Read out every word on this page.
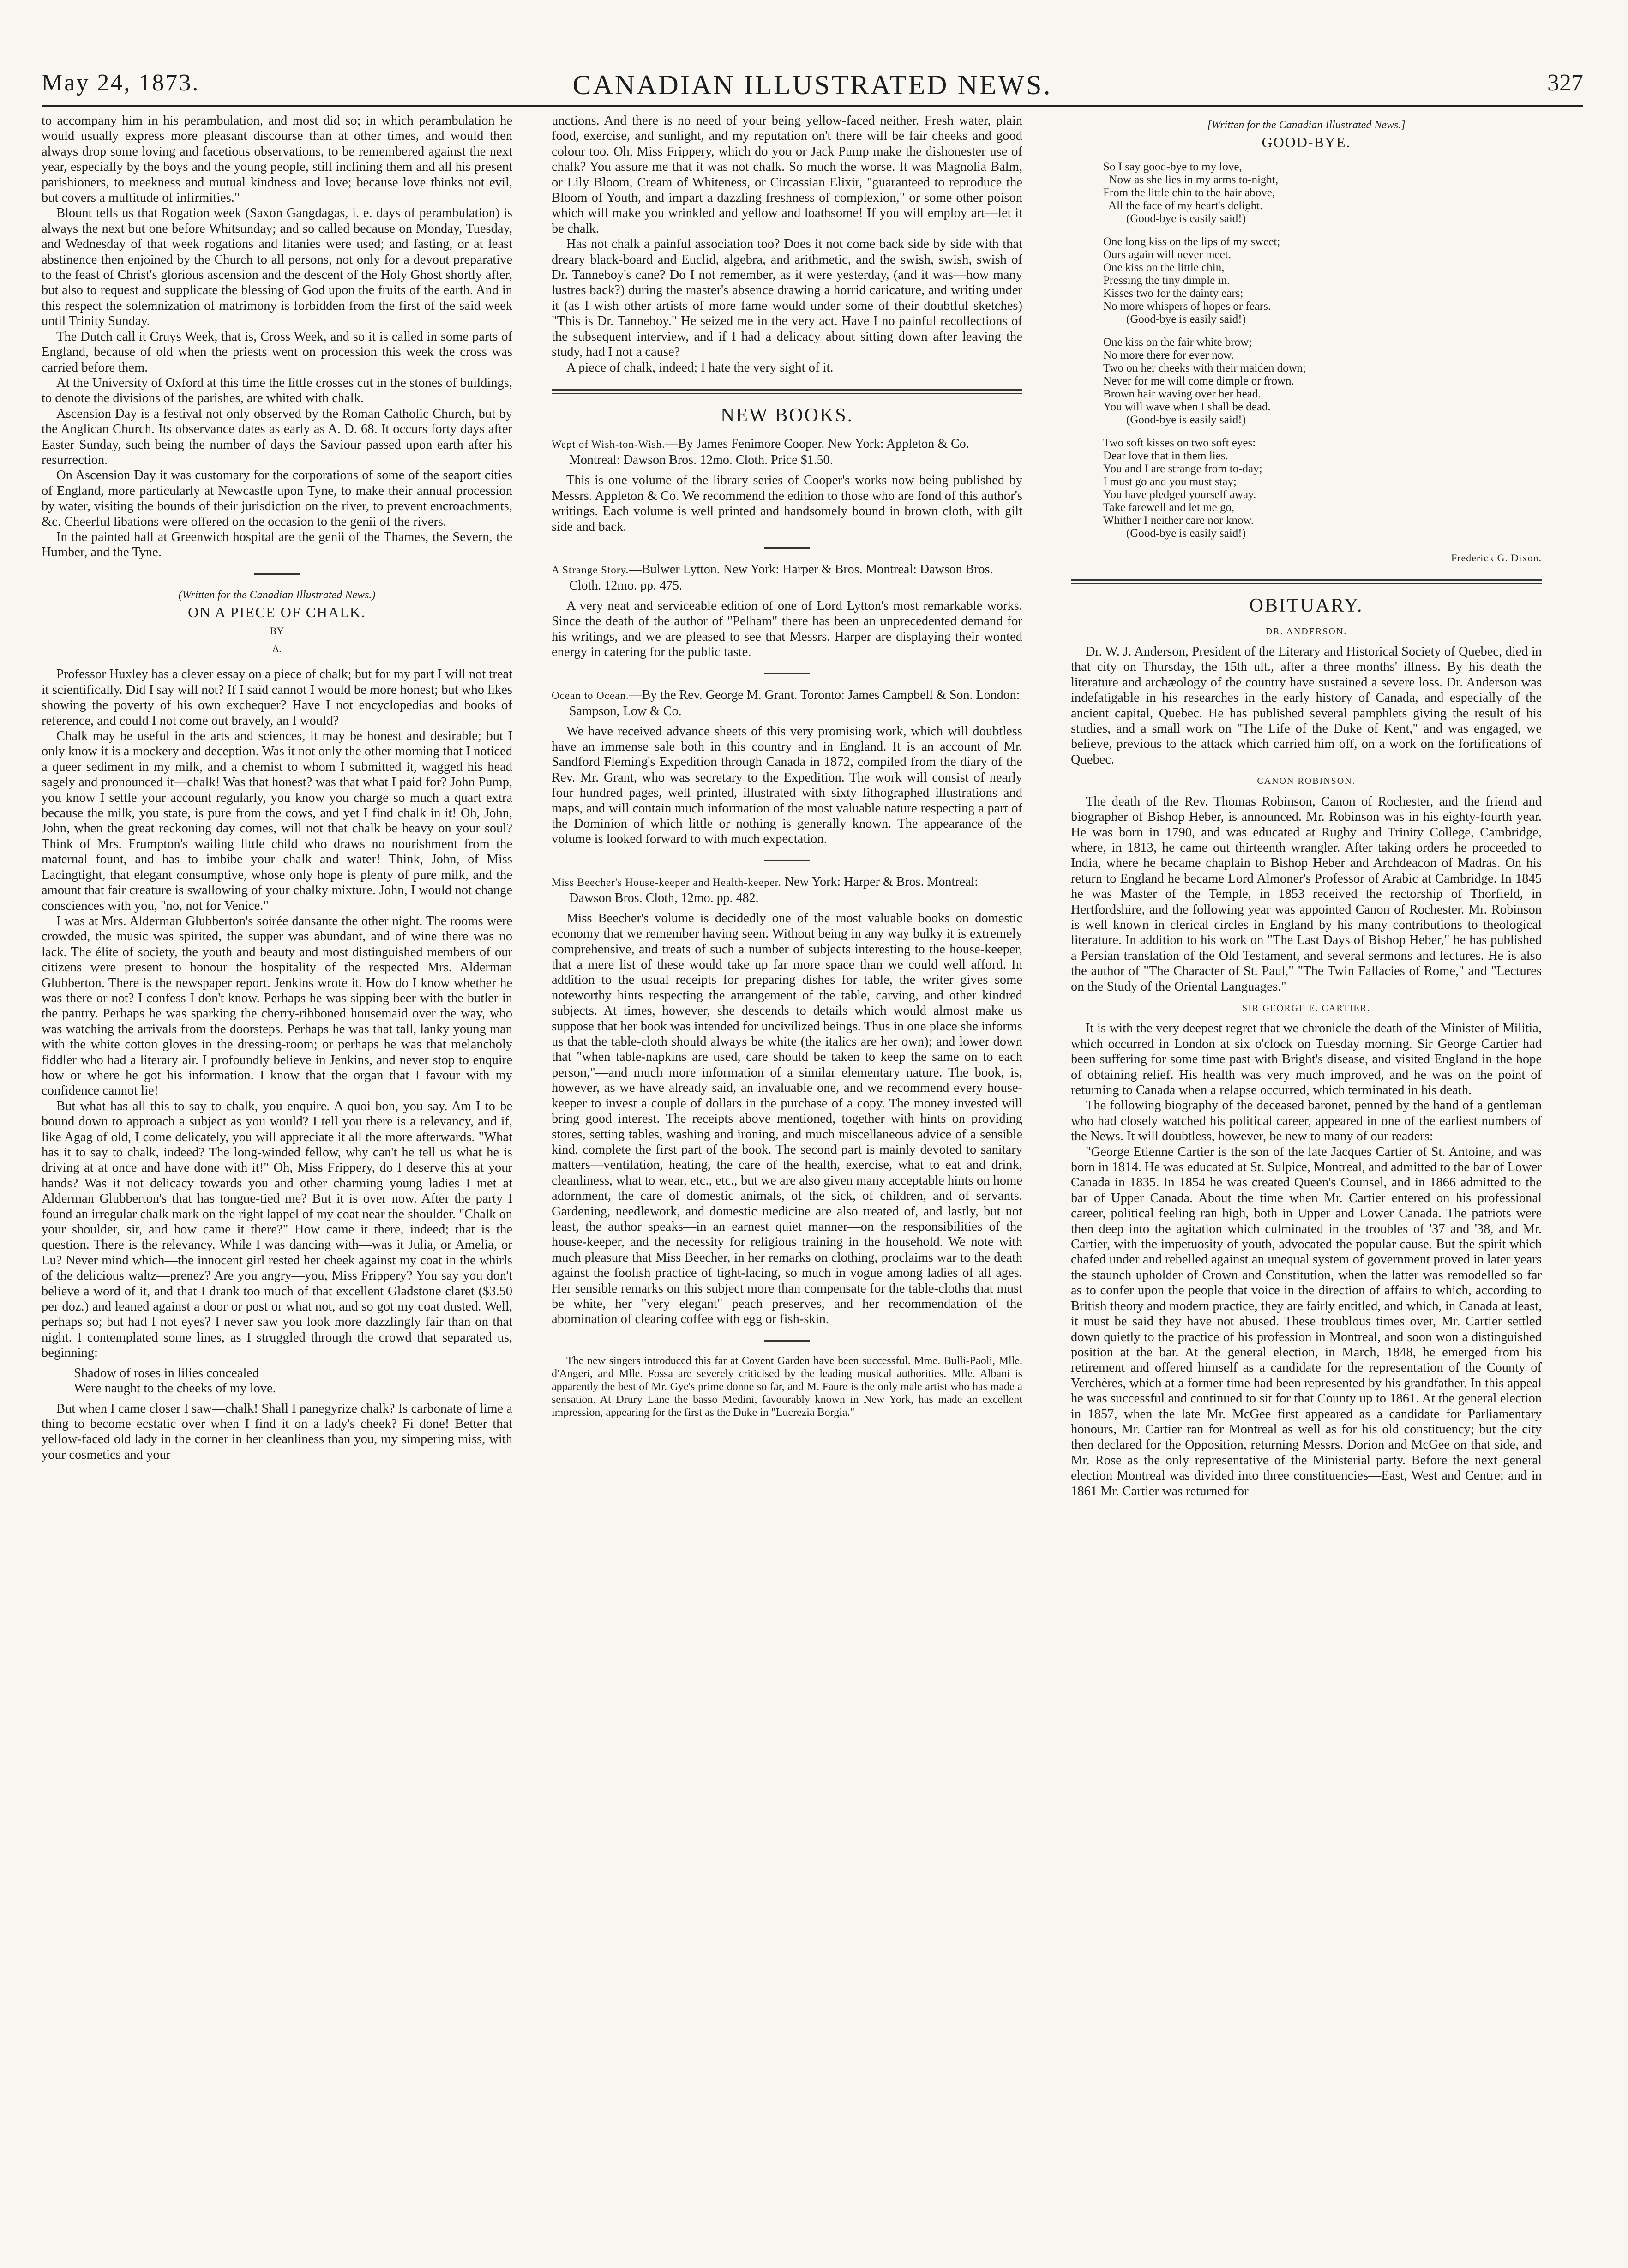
CANADIAN ILLUSTRATED NEWS.
May 24, 1873.	327

to accompany him in his perambulation, and most did so; in which perambulation he would usually express more pleasant discourse than at other times, and would then always drop some loving and facetious observations, to be remembered against the next year, especially by the boys and the young people, still inclining them and all his present parishioners, to meekness and mutual kindness and love; because love thinks not evil, but covers a multitude of infirmities."

Blount tells us that Rogation week (Saxon Gangdagas, i. e. days of perambulation) is always the next but one before Whitsunday; and so called because on Monday, Tuesday, and Wednesday of that week rogations and litanies were used; and fasting, or at least abstinence then enjoined by the Church to all persons, not only for a devout preparative to the feast of Christ's glorious ascension and the descent of the Holy Ghost shortly after, but also to request and supplicate the blessing of God upon the fruits of the earth. And in this respect the solemnization of matrimony is forbidden from the first of the said week until Trinity Sunday.

The Dutch call it Cruys Week, that is, Cross Week, and so it is called in some parts of England, because of old when the priests went on procession this week the cross was carried before them.

At the University of Oxford at this time the little crosses cut in the stones of buildings, to denote the divisions of the parishes, are whited with chalk.

Ascension Day is a festival not only observed by the Roman Catholic Church, but by the Anglican Church. Its observance dates as early as A. D. 68. It occurs forty days after Easter Sunday, such being the number of days the Saviour passed upon earth after his resurrection.

On Ascension Day it was customary for the corporations of some of the seaport cities of England, more particularly at Newcastle upon Tyne, to make their annual procession by water, visiting the bounds of their jurisdiction on the river, to prevent encroachments, &c. Cheerful libations were offered on the occasion to the genii of the rivers.

In the painted hall at Greenwich hospital are the genii of the Thames, the Severn, the Humber, and the Tyne.

(Written for the Canadian Illustrated News.)
ON A PIECE OF CHALK.
BY
Δ.

Professor Huxley has a clever essay on a piece of chalk; but for my part I will not treat it scientifically. Did I say will not? If I said cannot I would be more honest; but who likes showing the poverty of his own exchequer? Have I not encyclopedias and books of reference, and could I not come out bravely, an I would?

Chalk may be useful in the arts and sciences, it may be honest and desirable; but I only know it is a mockery and deception. Was it not only the other morning that I noticed a queer sediment in my milk, and a chemist to whom I submitted it, wagged his head sagely and pronounced it—chalk! Was that honest? was that what I paid for? John Pump, you know I settle your account regularly, you know you charge so much a quart extra because the milk, you state, is pure from the cows, and yet I find chalk in it! Oh, John, John, when the great reckoning day comes, will not that chalk be heavy on your soul? Think of Mrs. Frumpton's wailing little child who draws no nourishment from the maternal fount, and has to imbibe your chalk and water! Think, John, of Miss Lacingtight, that elegant consumptive, whose only hope is plenty of pure milk, and the amount that fair creature is swallowing of your chalky mixture. John, I would not change consciences with you, "no, not for Venice."

I was at Mrs. Alderman Glubberton's soirée dansante the other night. The rooms were crowded, the music was spirited, the supper was abundant, and of wine there was no lack. The élite of society, the youth and beauty and most distinguished members of our citizens were present to honour the hospitality of the respected Mrs. Alderman Glubberton. There is the newspaper report. Jenkins wrote it. How do I know whether he was there or not? I confess I don't know. Perhaps he was sipping beer with the butler in the pantry. Perhaps he was sparking the cherry-ribboned housemaid over the way, who was watching the arrivals from the doorsteps. Perhaps he was that tall, lanky young man with the white cotton gloves in the dressing-room; or perhaps he was that melancholy fiddler who had a literary air. I profoundly believe in Jenkins, and never stop to enquire how or where he got his information. I know that the organ that I favour with my confidence cannot lie!

But what has all this to say to chalk, you enquire. A quoi bon, you say. Am I to be bound down to approach a subject as you would? I tell you there is a relevancy, and if, like Agag of old, I come delicately, you will appreciate it all the more afterwards. "What has it to say to chalk, indeed? The long-winded fellow, why can't he tell us what he is driving at at once and have done with it!" Oh, Miss Frippery, do I deserve this at your hands? Was it not delicacy towards you and other charming young ladies I met at Alderman Glubberton's that has tongue-tied me? But it is over now. After the party I found an irregular chalk mark on the right lappel of my coat near the shoulder. "Chalk on your shoulder, sir, and how came it there?" How came it there, indeed; that is the question. There is the relevancy. While I was dancing with—was it Julia, or Amelia, or Lu? Never mind which—the innocent girl rested her cheek against my coat in the whirls of the delicious waltz—prenez? Are you angry—you, Miss Frippery? You say you don't believe a word of it, and that I drank too much of that excellent Gladstone claret ($3.50 per doz.) and leaned against a door or post or what not, and so got my coat dusted. Well, perhaps so; but had I not eyes? I never saw you look more dazzlingly fair than on that night. I contemplated some lines, as I struggled through the crowd that separated us, beginning:

Shadow of roses in lilies concealed
Were naught to the cheeks of my love.

But when I came closer I saw—chalk! Shall I panegyrize chalk? Is carbonate of lime a thing to become ecstatic over when I find it on a lady's cheek? Fi done! Better that yellow-faced old lady in the corner in her cleanliness than you, my simpering miss, with your cosmetics and your

unctions. And there is no need of your being yellow-faced neither. Fresh water, plain food, exercise, and sunlight, and my reputation on't there will be fair cheeks and good colour too. Oh, Miss Frippery, which do you or Jack Pump make the dishonester use of chalk? You assure me that it was not chalk. So much the worse. It was Magnolia Balm, or Lily Bloom, Cream of Whiteness, or Circassian Elixir, "guaranteed to reproduce the Bloom of Youth, and impart a dazzling freshness of complexion," or some other poison which will make you wrinkled and yellow and loathsome! If you will employ art—let it be chalk.

Has not chalk a painful association too? Does it not come back side by side with that dreary black-board and Euclid, algebra, and arithmetic, and the swish, swish, swish of Dr. Tanneboy's cane? Do I not remember, as it were yesterday, (and it was—how many lustres back?) during the master's absence drawing a horrid caricature, and writing under it (as I wish other artists of more fame would under some of their doubtful sketches) "This is Dr. Tanneboy." He seized me in the very act. Have I no painful recollections of the subsequent interview, and if I had a delicacy about sitting down after leaving the study, had I not a cause?

A piece of chalk, indeed; I hate the very sight of it.

NEW BOOKS.
Wept of Wish-ton-Wish.—By James Fenimore Cooper. New York: Appleton & Co. Montreal: Dawson Bros. 12mo. Cloth. Price $1.50.

This is one volume of the library series of Cooper's works now being published by Messrs. Appleton & Co. We recommend the edition to those who are fond of this author's writings. Each volume is well printed and handsomely bound in brown cloth, with gilt side and back.

A Strange Story.—Bulwer Lytton. New York: Harper & Bros. Montreal: Dawson Bros. Cloth. 12mo. pp. 475.

A very neat and serviceable edition of one of Lord Lytton's most remarkable works. Since the death of the author of "Pelham" there has been an unprecedented demand for his writings, and we are pleased to see that Messrs. Harper are displaying their wonted energy in catering for the public taste.

Ocean to Ocean.—By the Rev. George M. Grant. Toronto: James Campbell & Son. London: Sampson, Low & Co.

We have received advance sheets of this very promising work, which will doubtless have an immense sale both in this country and in England. It is an account of Mr. Sandford Fleming's Expedition through Canada in 1872, compiled from the diary of the Rev. Mr. Grant, who was secretary to the Expedition. The work will consist of nearly four hundred pages, well printed, illustrated with sixty lithographed illustrations and maps, and will contain much information of the most valuable nature respecting a part of the Dominion of which little or nothing is generally known. The appearance of the volume is looked forward to with much expectation.

Miss Beecher's House-keeper and Health-keeper. New York: Harper & Bros. Montreal: Dawson Bros. Cloth, 12mo. pp. 482.

Miss Beecher's volume is decidedly one of the most valuable books on domestic economy that we remember having seen. Without being in any way bulky it is extremely comprehensive, and treats of such a number of subjects interesting to the house-keeper, that a mere list of these would take up far more space than we could well afford. In addition to the usual receipts for preparing dishes for table, the writer gives some noteworthy hints respecting the arrangement of the table, carving, and other kindred subjects. At times, however, she descends to details which would almost make us suppose that her book was intended for uncivilized beings. Thus in one place she informs us that the table-cloth should always be white (the italics are her own); and lower down that "when table-napkins are used, care should be taken to keep the same on to each person,"—and much more information of a similar elementary nature. The book, is, however, as we have already said, an invaluable one, and we recommend every house-keeper to invest a couple of dollars in the purchase of a copy. The money invested will bring good interest. The receipts above mentioned, together with hints on providing stores, setting tables, washing and ironing, and much miscellaneous advice of a sensible kind, complete the first part of the book. The second part is mainly devoted to sanitary matters—ventilation, heating, the care of the health, exercise, what to eat and drink, cleanliness, what to wear, etc., etc., but we are also given many acceptable hints on home adornment, the care of domestic animals, of the sick, of children, and of servants. Gardening, needlework, and domestic medicine are also treated of, and lastly, but not least, the author speaks—in an earnest quiet manner—on the responsibilities of the house-keeper, and the necessity for religious training in the household. We note with much pleasure that Miss Beecher, in her remarks on clothing, proclaims war to the death against the foolish practice of tight-lacing, so much in vogue among ladies of all ages. Her sensible remarks on this subject more than compensate for the table-cloths that must be white, her "very elegant" peach preserves, and her recommendation of the abomination of clearing coffee with egg or fish-skin.

The new singers introduced this far at Covent Garden have been successful. Mme. Bulli-Paoli, Mlle. d'Angeri, and Mlle. Fossa are severely criticised by the leading musical authorities. Mlle. Albani is apparently the best of Mr. Gye's prime donne so far, and M. Faure is the only male artist who has made a sensation. At Drury Lane the basso Medini, favourably known in New York, has made an excellent impression, appearing for the first as the Duke in "Lucrezia Borgia."

[Written for the Canadian Illustrated News.]
GOOD-BYE.
So I say good-bye to my love,
Now as she lies in my arms to-night,
From the little chin to the hair above,
All the face of my heart's delight.
(Good-bye is easily said!)
One long kiss on the lips of my sweet;
Ours again will never meet.
One kiss on the little chin,
Pressing the tiny dimple in.
Kisses two for the dainty ears;
No more whispers of hopes or fears.
(Good-bye is easily said!)
One kiss on the fair white brow;
No more there for ever now.
Two on her cheeks with their maiden down;
Never for me will come dimple or frown.
Brown hair waving over her head.
You will wave when I shall be dead.
(Good-bye is easily said!)
Two soft kisses on two soft eyes:
Dear love that in them lies.
You and I are strange from to-day;
I must go and you must stay;
You have pledged yourself away.
Take farewell and let me go,
Whither I neither care nor know.
(Good-bye is easily said!)
Frederick G. Dixon.
OBITUARY.
DR. ANDERSON.

Dr. W. J. Anderson, President of the Literary and Historical Society of Quebec, died in that city on Thursday, the 15th ult., after a three months' illness. By his death the literature and archæology of the country have sustained a severe loss. Dr. Anderson was indefatigable in his researches in the early history of Canada, and especially of the ancient capital, Quebec. He has published several pamphlets giving the result of his studies, and a small work on "The Life of the Duke of Kent," and was engaged, we believe, previous to the attack which carried him off, on a work on the fortifications of Quebec.

CANON ROBINSON.

The death of the Rev. Thomas Robinson, Canon of Rochester, and the friend and biographer of Bishop Heber, is announced. Mr. Robinson was in his eighty-fourth year. He was born in 1790, and was educated at Rugby and Trinity College, Cambridge, where, in 1813, he came out thirteenth wrangler. After taking orders he proceeded to India, where he became chaplain to Bishop Heber and Archdeacon of Madras. On his return to England he became Lord Almoner's Professor of Arabic at Cambridge. In 1845 he was Master of the Temple, in 1853 received the rectorship of Thorfield, in Hertfordshire, and the following year was appointed Canon of Rochester. Mr. Robinson is well known in clerical circles in England by his many contributions to theological literature. In addition to his work on "The Last Days of Bishop Heber," he has published a Persian translation of the Old Testament, and several sermons and lectures. He is also the author of "The Character of St. Paul," "The Twin Fallacies of Rome," and "Lectures on the Study of the Oriental Languages."

SIR GEORGE E. CARTIER.

It is with the very deepest regret that we chronicle the death of the Minister of Militia, which occurred in London at six o'clock on Tuesday morning. Sir George Cartier had been suffering for some time past with Bright's disease, and visited England in the hope of obtaining relief. His health was very much improved, and he was on the point of returning to Canada when a relapse occurred, which terminated in his death.

The following biography of the deceased baronet, penned by the hand of a gentleman who had closely watched his political career, appeared in one of the earliest numbers of the News. It will doubtless, however, be new to many of our readers:

"George Etienne Cartier is the son of the late Jacques Cartier of St. Antoine, and was born in 1814. He was educated at St. Sulpice, Montreal, and admitted to the bar of Lower Canada in 1835. In 1854 he was created Queen's Counsel, and in 1866 admitted to the bar of Upper Canada. About the time when Mr. Cartier entered on his professional career, political feeling ran high, both in Upper and Lower Canada. The patriots were then deep into the agitation which culminated in the troubles of '37 and '38, and Mr. Cartier, with the impetuosity of youth, advocated the popular cause. But the spirit which chafed under and rebelled against an unequal system of government proved in later years the staunch upholder of Crown and Constitution, when the latter was remodelled so far as to confer upon the people that voice in the direction of affairs to which, according to British theory and modern practice, they are fairly entitled, and which, in Canada at least, it must be said they have not abused. These troublous times over, Mr. Cartier settled down quietly to the practice of his profession in Montreal, and soon won a distinguished position at the bar. At the general election, in March, 1848, he emerged from his retirement and offered himself as a candidate for the representation of the County of Verchères, which at a former time had been represented by his grandfather. In this appeal he was successful and continued to sit for that County up to 1861. At the general election in 1857, when the late Mr. McGee first appeared as a candidate for Parliamentary honours, Mr. Cartier ran for Montreal as well as for his old constituency; but the city then declared for the Opposition, returning Messrs. Dorion and McGee on that side, and Mr. Rose as the only representative of the Ministerial party. Before the next general election Montreal was divided into three constituencies—East, West and Centre; and in 1861 Mr. Cartier was returned for
